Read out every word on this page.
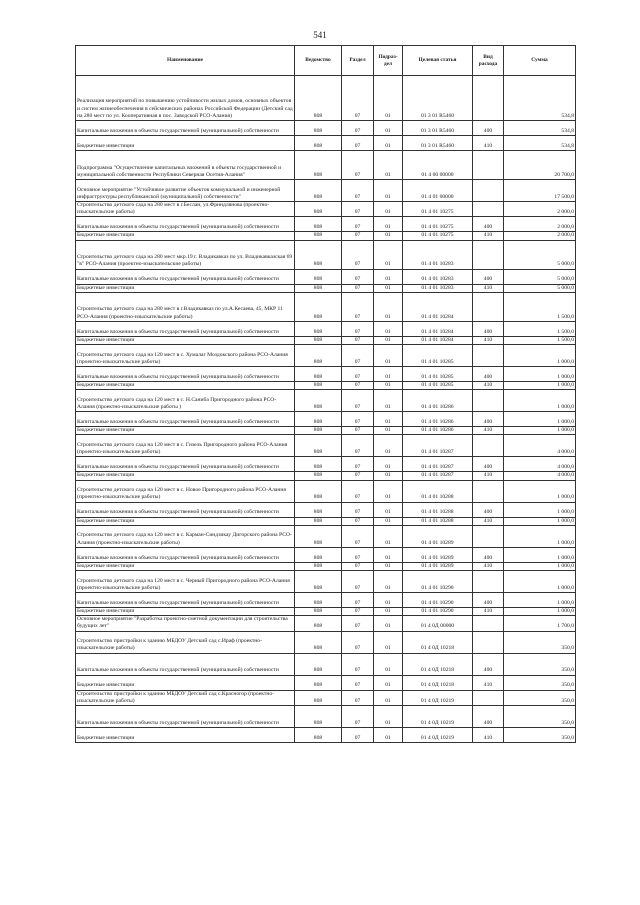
541
Наименование	Ведомство	Раздел	Подраз-дел	Целевая статья	Вид расхода	Сумма
Реализация мероприятий по повышению устойчивости жилых домов, основных объектов и систем жизнеобеспечения в сейсмических районах Российской Федерации (Детский сад на 280 мест по ул. Кооперативная в пос. Заводской РСО-Алания)	808	07	01	01 3 01 R5460		534,8
Капитальные вложения в объекты государственной (муниципальной) собственности	808	07	01	01 3 01 R5460	400	534,8
Бюджетные инвестиции	808	07	01	01 3 01 R5460	410	534,8
Подпрограмма "Осуществление капитальных вложений в объекты государственной и муниципальной собственности Республики Северная Осетия-Алания"	808	07	01	01 4 00 00000		20 700,0
Основное мероприятие "Устойчивое развитие объектов коммунальной и инженерной инфраструктуры республиканской (муниципальной) собственности"	808	07	01	01 4 01 00000		17 500,0
Строительство детского сада на 280 мест в г.Беслан, ул.Фриндлянова (проектно-изыскательские работы)	808	07	01	01 4 01 10275		2 000,0
Капитальные вложения в объекты государственной (муниципальной) собственности	808	07	01	01 4 01 10275	400	2 000,0
Бюджетные инвестиции	808	07	01	01 4 01 10275	410	2 000,0
Строительство детского сада на 280 мест мкр.19 г. Владикавказ по ул. Владикавказская 69 "в" РСО-Алания (проектно-изыскательские работы)	808	07	01	01 4 01 10283		5 000,0
Капитальные вложения в объекты государственной (муниципальной) собственности	808	07	01	01 4 01 10283	400	5 000,0
Бюджетные инвестиции	808	07	01	01 4 01 10283	410	5 000,0
Строительство детского сада на 280 мест в г.Владикавказ по ул.А.Кесаева, 45, МКР 11 РСО-Алания (проектно-изыскательские работы)	808	07	01	01 4 01 10284		1 500,0
Капитальные вложения в объекты государственной (муниципальной) собственности	808	07	01	01 4 01 10284	400	1 500,0
Бюджетные инвестиции	808	07	01	01 4 01 10284	410	1 500,0
Строительство детского сада на 120 мест в с. Хумалаг Моздокского района РСО-Алания (проектно-изыскательские работы)	808	07	01	01 4 01 10285		1 000,0
Капитальные вложения в объекты государственной (муниципальной) собственности	808	07	01	01 4 01 10285	400	1 000,0
Бюджетные инвестиции	808	07	01	01 4 01 10285	410	1 000,0
Строительство детского сада на 120 мест в с. Н.Саниба Пригородного района РСО-Алания (проектно-изыскательские работы )	808	07	01	01 4 01 10286		1 000,0
Капитальные вложения в объекты государственной (муниципальной) собственности	808	07	01	01 4 01 10286	400	1 000,0
Бюджетные инвестиции	808	07	01	01 4 01 10286	410	1 000,0
Строительство детского сада на 120 мест в с. Гизель Пригородного района РСО-Алания (проектно-изыскательские работы)	808	07	01	01 4 01 10287		4 000,0
Капитальные вложения в объекты государственной (муниципальной) собственности	808	07	01	01 4 01 10287	400	4 000,0
Бюджетные инвестиции	808	07	01	01 4 01 10287	410	4 000,0
Строительство детского сада на 120 мест в с. Новое Пригородного района РСО-Алания (проектно-изыскательские работы)	808	07	01	01 4 01 10288		1 000,0
Капитальные вложения в объекты государственной (муниципальной) собственности	808	07	01	01 4 01 10288	400	1 000,0
Бюджетные инвестиции	808	07	01	01 4 01 10288	410	1 000,0
Строительство детского сада на 120 мест в с. Карман-Синдзикау Дигорского района РСО-Алания (проектно-изыскательские работы)	808	07	01	01 4 01 10289		1 000,0
Капитальные вложения в объекты государственной (муниципальной) собственности	808	07	01	01 4 01 10289	400	1 000,0
Бюджетные инвестиции	808	07	01	01 4 01 10289	410	1 000,0
Строительство детского сада на 120 мест в с. Черный Пригородного района РСО-Алания (проектно-изыскательские работы)	808	07	01	01 4 01 10290		1 000,0
Капитальные вложения в объекты государственной (муниципальной) собственности	808	07	01	01 4 01 10290	400	1 000,0
Бюджетные инвестиции	808	07	01	01 4 01 10290	410	1 000,0
Основное мероприятие "Разработка проектно-сметной документации для строительства будущих лет"	808	07	01	01 4 0Д 00000		1 700,0
Строительство пристройки к зданию МБДОУ Детский сад с.Ираф (проектно-изыскательские работы)	808	07	01	01 4 0Д 10218		350,0
Капитальные вложения в объекты государственной (муниципальной) собственности	808	07	01	01 4 0Д 10218	400	350,0
Бюджетные инвестиции	808	07	01	01 4 0Д 10218	410	350,0
Строительство пристройки к зданию МБДОУ Детский сад с.Красногор (проектно-изыскательские работы)	808	07	01	01 4 0Д 10219		350,0
Капитальные вложения в объекты государственной (муниципальной) собственности	808	07	01	01 4 0Д 10219	400	350,0
Бюджетные инвестиции	808	07	01	01 4 0Д 10219	410	350,0
